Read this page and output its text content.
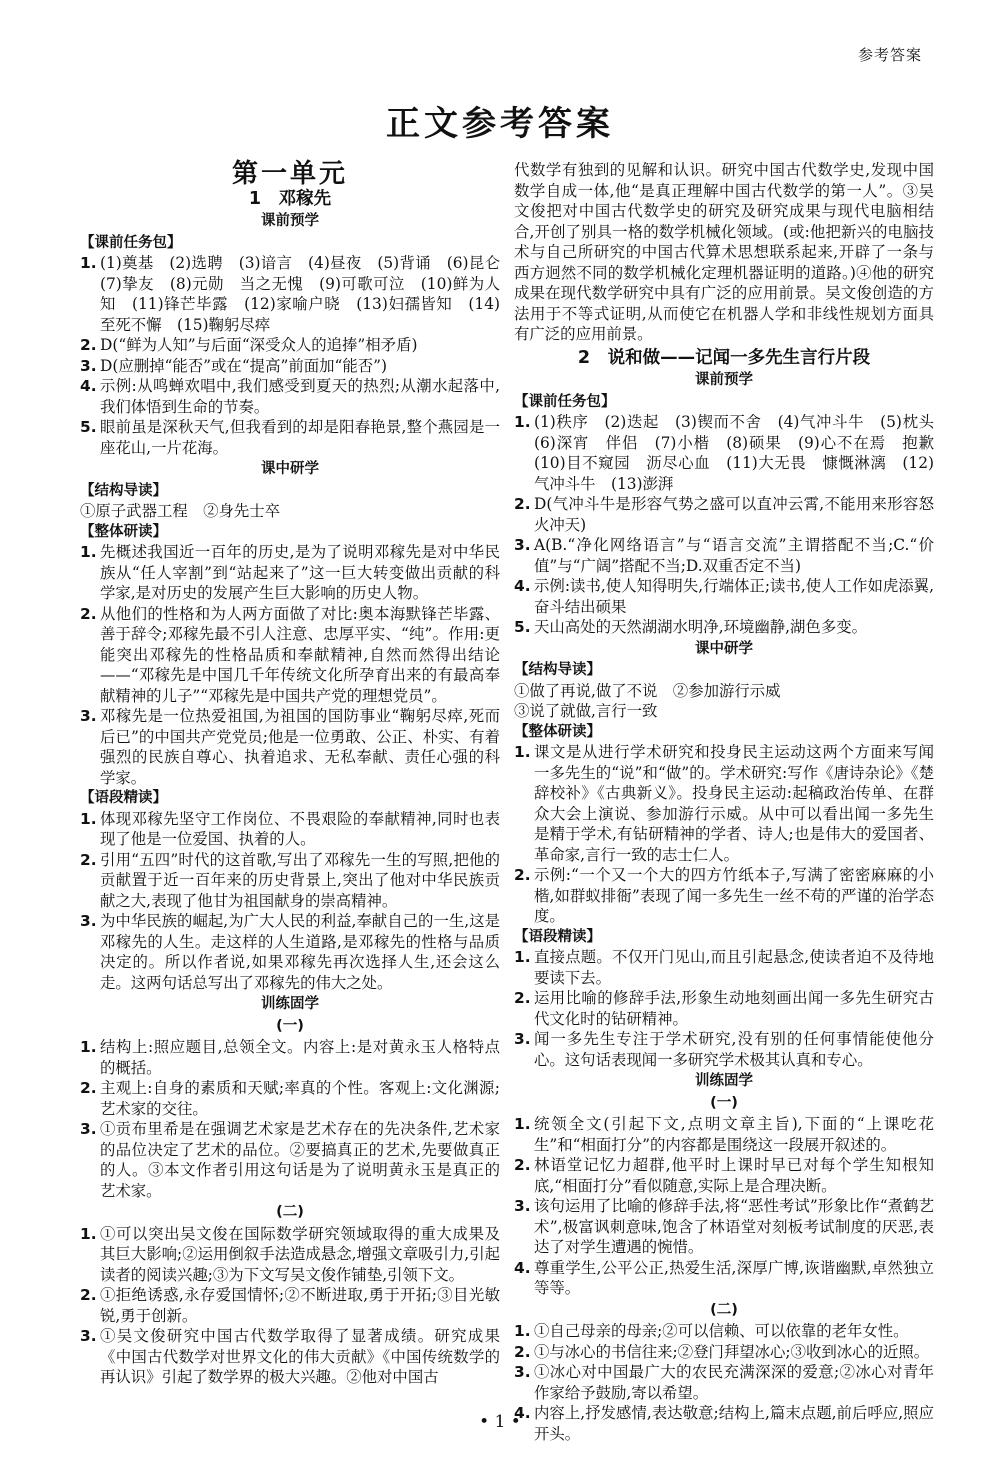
参考答案
正文参考答案
第一单元
1　邓稼先
课前预学
【课前任务包】
1. (1)奠基　(2)选聘　(3)谙言　(4)昼夜　(5)背诵　(6)昆仑　(7)挚友　(8)元勋　当之无愧　(9)可歌可泣　(10)鲜为人知　(11)锋芒毕露　(12)家喻户晓　(13)妇孺皆知　(14)至死不懈　(15)鞠躬尽瘁
2. D(“鲜为人知”与后面“深受众人的追捧”相矛盾)
3. D(应删掉“能否”或在“提高”前面加“能否”)
4. 示例:从鸣蝉欢唱中,我们感受到夏天的热烈;从潮水起落中,我们体悟到生命的节奏。
5. 眼前虽是深秋天气,但我看到的却是阳春艳景,整个燕园是一座花山,一片花海。
课中研学
【结构导读】
①原子武器工程　②身先士卒
【整体研读】
1. 先概述我国近一百年的历史,是为了说明邓稼先是对中华民族从“任人宰割”到“站起来了”这一巨大转变做出贡献的科学家,是对历史的发展产生巨大影响的历史人物。
2. 从他们的性格和为人两方面做了对比:奥本海默锋芒毕露、善于辞令;邓稼先最不引人注意、忠厚平实、“纯”。作用:更能突出邓稼先的性格品质和奉献精神,自然而然得出结论——“邓稼先是中国几千年传统文化所孕育出来的有最高奉献精神的儿子”“邓稼先是中国共产党的理想党员”。
3. 邓稼先是一位热爱祖国,为祖国的国防事业“鞠躬尽瘁,死而后已”的中国共产党党员;他是一位勇敢、公正、朴实、有着强烈的民族自尊心、执着追求、无私奉献、责任心强的科学家。
【语段精读】
1. 体现邓稼先坚守工作岗位、不畏艰险的奉献精神,同时也表现了他是一位爱国、执着的人。
2. 引用“五四”时代的这首歌,写出了邓稼先一生的写照,把他的贡献置于近一百年来的历史背景上,突出了他对中华民族贡献之大,表现了他甘为祖国献身的崇高精神。
3. 为中华民族的崛起,为广大人民的利益,奉献自己的一生,这是邓稼先的人生。走这样的人生道路,是邓稼先的性格与品质决定的。所以作者说,如果邓稼先再次选择人生,还会这么走。这两句话总写出了邓稼先的伟大之处。
训练固学
(一)
1. 结构上:照应题目,总领全文。内容上:是对黄永玉人格特点的概括。
2. 主观上:自身的素质和天赋;率真的个性。客观上:文化渊源;艺术家的交往。
3. ①贡布里希是在强调艺术家是艺术存在的先决条件,艺术家的品位决定了艺术的品位。②要搞真正的艺术,先要做真正的人。③本文作者引用这句话是为了说明黄永玉是真正的艺术家。
(二)
1. ①可以突出吴文俊在国际数学研究领域取得的重大成果及其巨大影响;②运用倒叙手法造成悬念,增强文章吸引力,引起读者的阅读兴趣;③为下文写吴文俊作铺垫,引领下文。
2. ①拒绝诱惑,永存爱国情怀;②不断进取,勇于开拓;③目光敏锐,勇于创新。
3. ①吴文俊研究中国古代数学取得了显著成绩。研究成果《中国古代数学对世界文化的伟大贡献》《中国传统数学的再认识》引起了数学界的极大兴趣。②他对中国古
代数学有独到的见解和认识。研究中国古代数学史,发现中国数学自成一体,他“是真正理解中国古代数学的第一人”。③吴文俊把对中国古代数学史的研究及研究成果与现代电脑相结合,开创了别具一格的数学机械化领域。(或:他把新兴的电脑技术与自己所研究的中国古代算术思想联系起来,开辟了一条与西方迥然不同的数学机械化定理机器证明的道路。)④他的研究成果在现代数学研究中具有广泛的应用前景。吴文俊创造的方法用于不等式证明,从而使它在机器人学和非线性规划方面具有广泛的应用前景。
2　说和做——记闻一多先生言行片段
课前预学
【课前任务包】
1. (1)秩序　(2)迭起　(3)锲而不舍　(4)气冲斗牛　(5)枕头　(6)深宵　伴侣　(7)小楷　(8)硕果　(9)心不在焉　抱歉　(10)目不窥园　沥尽心血　(11)大无畏　慷慨淋漓　(12)气冲斗牛　(13)澎湃
2. D(气冲斗牛是形容气势之盛可以直冲云霄,不能用来形容怒火冲天)
3. A(B.“净化网络语言”与“语言交流”主谓搭配不当;C.“价值”与“广阔”搭配不当;D.双重否定不当)
4. 示例:读书,使人知得明失,行端体正;读书,使人工作如虎添翼,奋斗结出硕果
5. 天山高处的天然湖湖水明净,环境幽静,湖色多变。
课中研学
【结构导读】
①做了再说,做了不说　②参加游行示威
③说了就做,言行一致
【整体研读】
1. 课文是从进行学术研究和投身民主运动这两个方面来写闻一多先生的“说”和“做”的。学术研究:写作《唐诗杂论》《楚辞校补》《古典新义》。投身民主运动:起稿政治传单、在群众大会上演说、参加游行示威。从中可以看出闻一多先生是精于学术,有钻研精神的学者、诗人;也是伟大的爱国者、革命家,言行一致的志士仁人。
2. 示例:“一个又一个大的四方竹纸本子,写满了密密麻麻的小楷,如群蚁排衙”表现了闻一多先生一丝不苟的严谨的治学态度。
【语段精读】
1. 直接点题。不仅开门见山,而且引起悬念,使读者迫不及待地要读下去。
2. 运用比喻的修辞手法,形象生动地刻画出闻一多先生研究古代文化时的钻研精神。
3. 闻一多先生专注于学术研究,没有别的任何事情能使他分心。这句话表现闻一多研究学术极其认真和专心。
训练固学
(一)
1. 统领全文(引起下文,点明文章主旨),下面的“上课吃花生”和“相面打分”的内容都是围绕这一段展开叙述的。
2. 林语堂记忆力超群,他平时上课时早已对每个学生知根知底,“相面打分”看似随意,实际上是合理决断。
3. 该句运用了比喻的修辞手法,将“恶性考试”形象比作“煮鹤艺术”,极富讽刺意味,饱含了林语堂对刻板考试制度的厌恶,表达了对学生遭遇的惋惜。
4. 尊重学生,公平公正,热爱生活,深厚广博,诙谐幽默,卓然独立等等。
(二)
1. ①自己母亲的母亲;②可以信赖、可以依靠的老年女性。
2. ①与冰心的书信往来;②登门拜望冰心;③收到冰心的近照。
3. ①冰心对中国最广大的农民充满深深的爱意;②冰心对青年作家给予鼓励,寄以希望。
4. 内容上,抒发感情,表达敬意;结构上,篇末点题,前后呼应,照应开头。
• 1 •
